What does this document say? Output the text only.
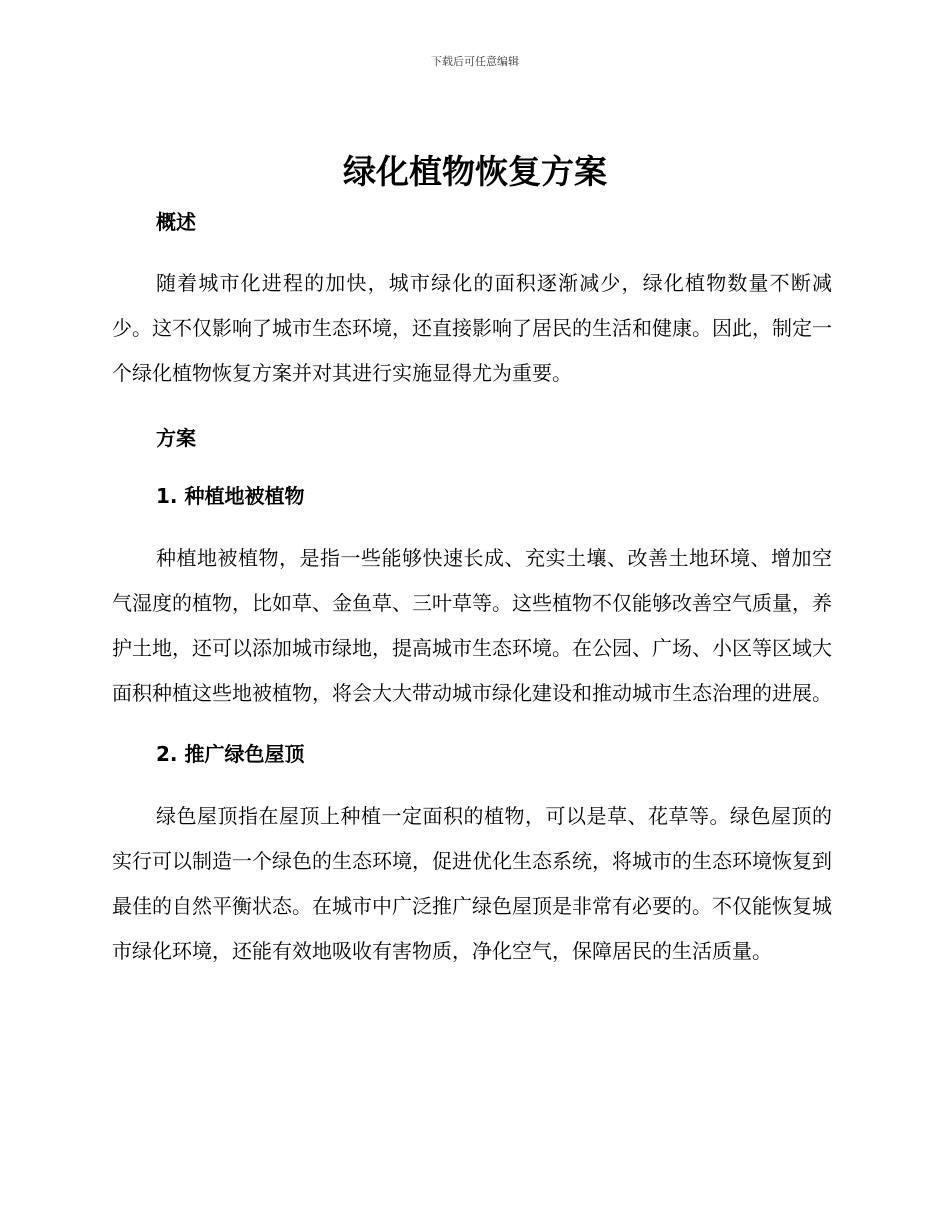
下载后可任意编辑
绿化植物恢复方案
概述

随着城市化进程的加快，城市绿化的面积逐渐减少，绿化植物数量不断减少。这不仅影响了城市生态环境，还直接影响了居民的生活和健康。因此，制定一个绿化植物恢复方案并对其进行实施显得尤为重要。

方案
1. 种植地被植物

种植地被植物，是指一些能够快速长成、充实土壤、改善土地环境、增加空气湿度的植物，比如草、金鱼草、三叶草等。这些植物不仅能够改善空气质量，养护土地，还可以添加城市绿地，提高城市生态环境。在公园、广场、小区等区域大面积种植这些地被植物，将会大大带动城市绿化建设和推动城市生态治理的进展。

2. 推广绿色屋顶

绿色屋顶指在屋顶上种植一定面积的植物，可以是草、花草等。绿色屋顶的实行可以制造一个绿色的生态环境，促进优化生态系统，将城市的生态环境恢复到最佳的自然平衡状态。在城市中广泛推广绿色屋顶是非常有必要的。不仅能恢复城市绿化环境，还能有效地吸收有害物质，净化空气，保障居民的生活质量。
